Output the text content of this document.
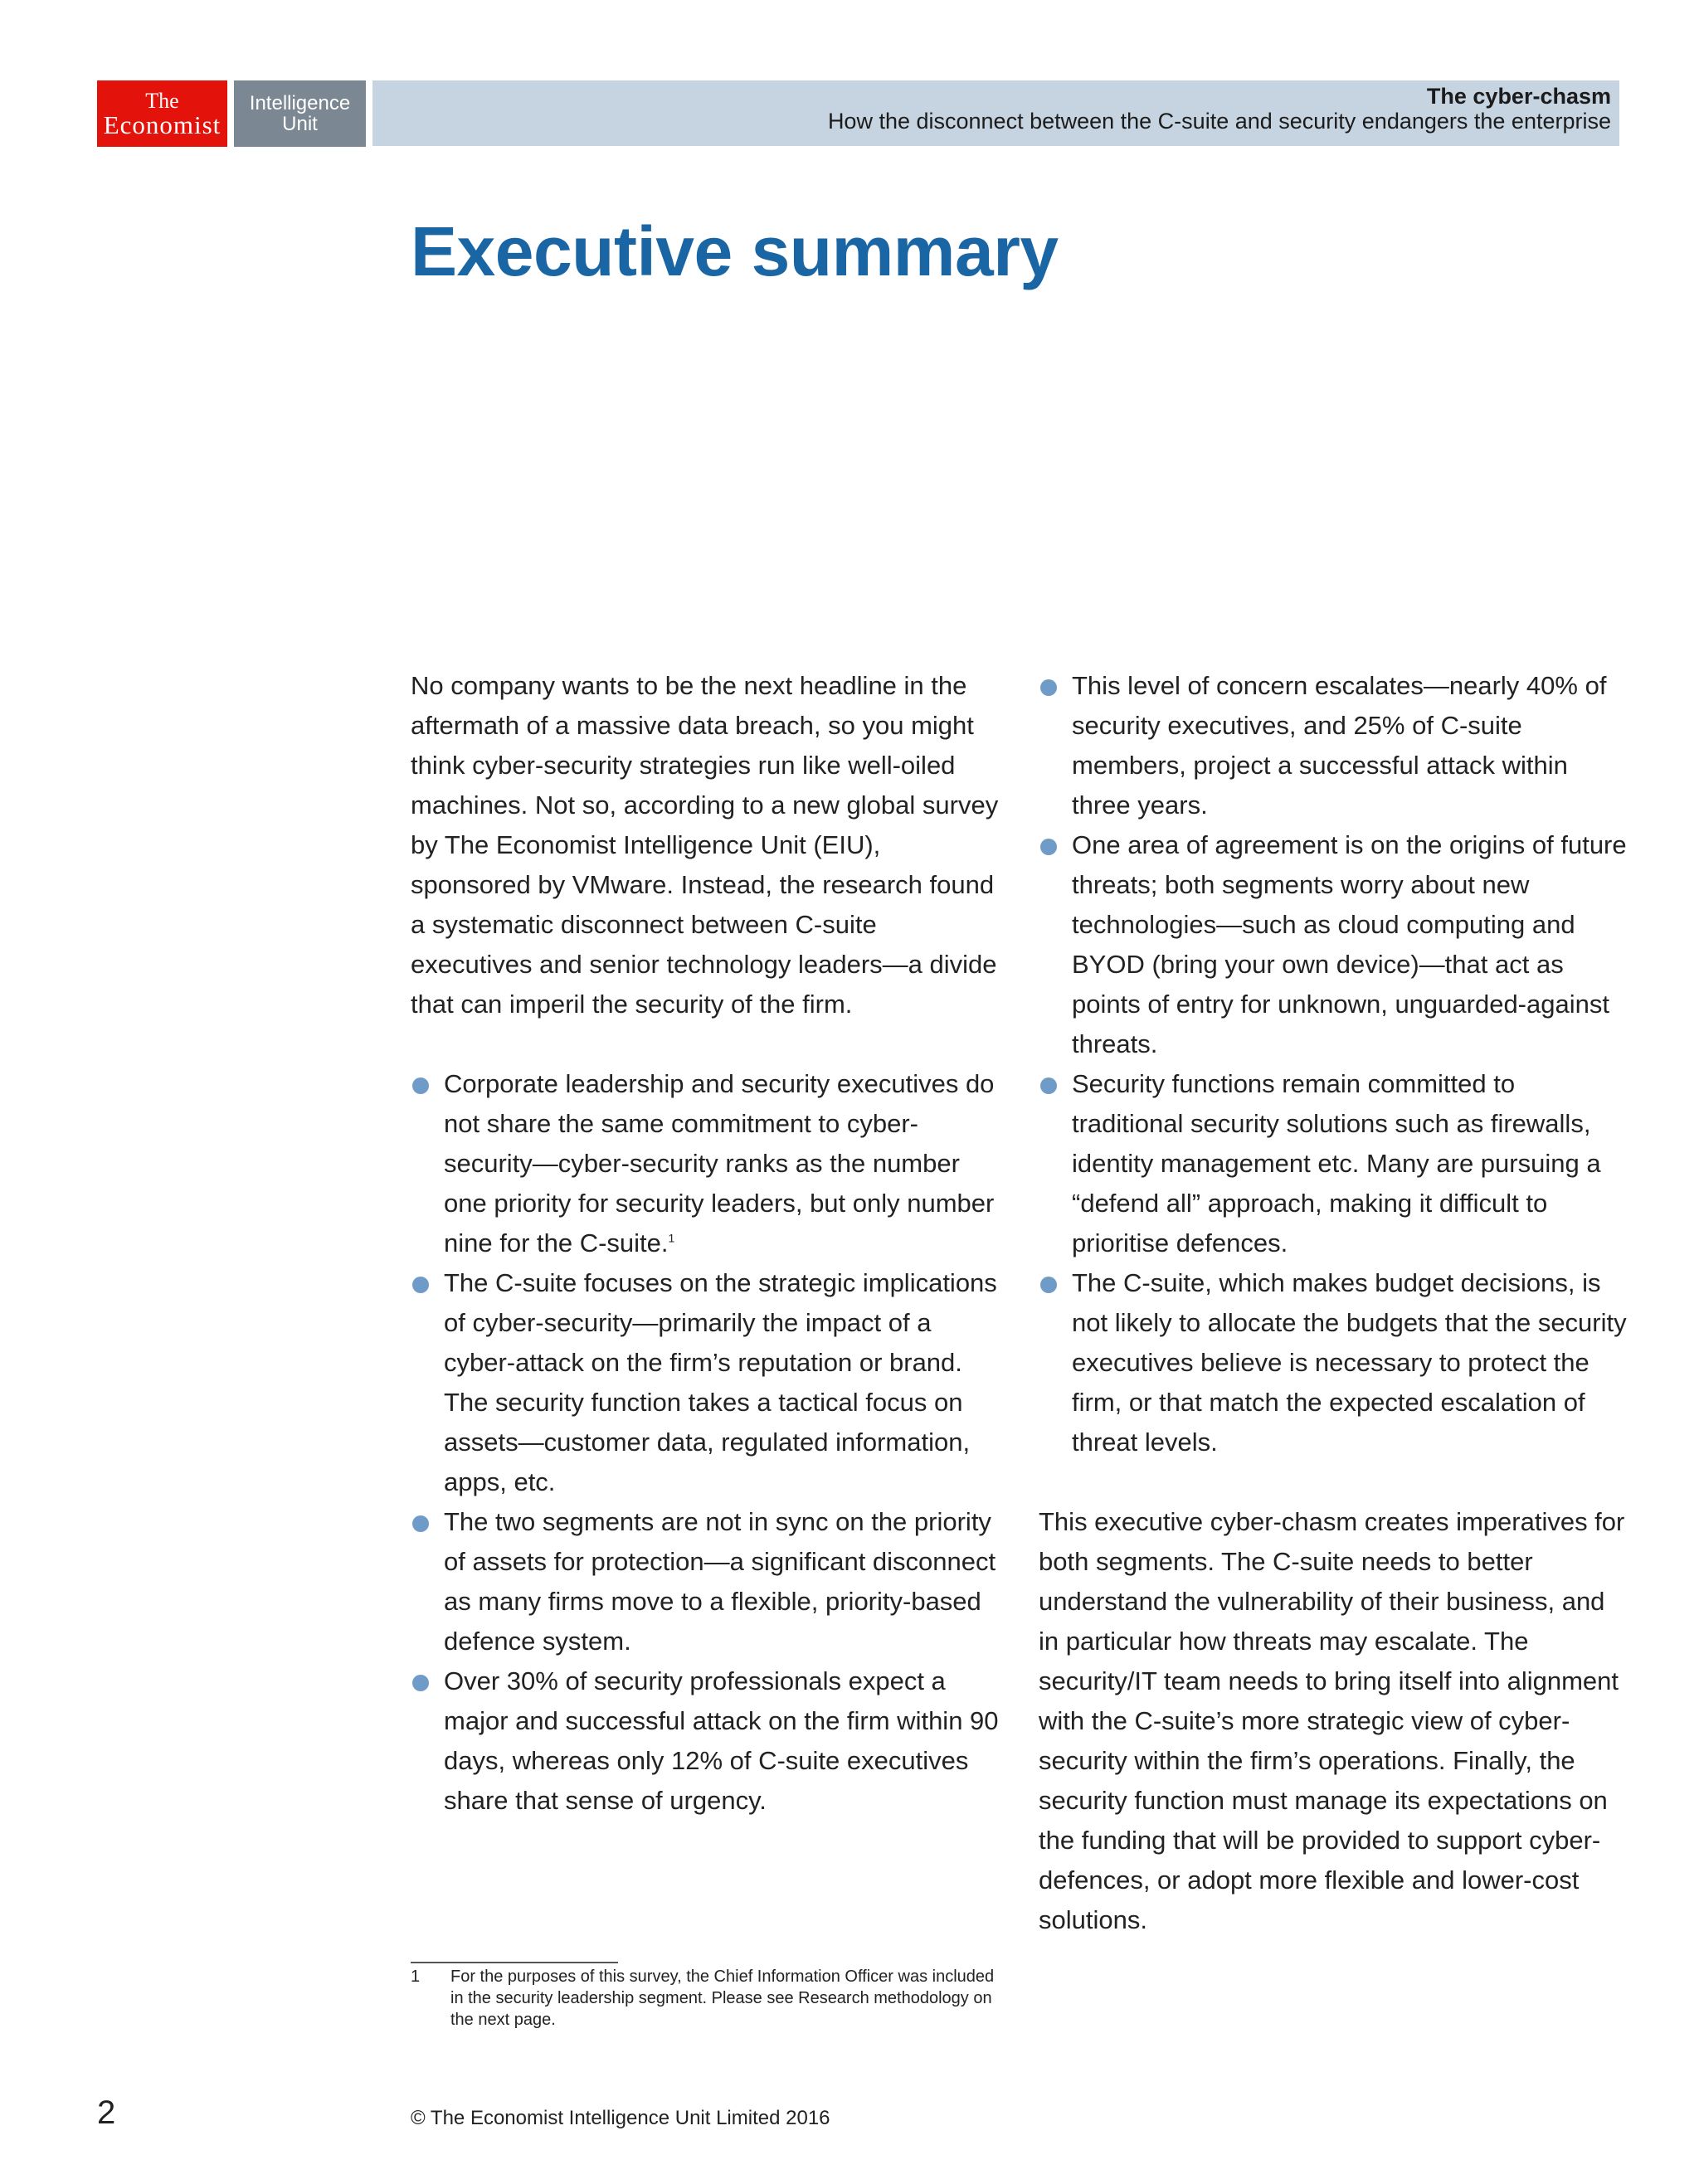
The
Economist
Intelligence
Unit
The cyber-chasm
How the disconnect between the C-suite and security endangers the enterprise
Executive summary

No company wants to be the next headline in the aftermath of a massive data breach, so you might think cyber-security strategies run like well-oiled machines. Not so, according to a new global survey by The Economist Intelligence Unit (EIU), sponsored by VMware. Instead, the research found a systematic disconnect between C-suite executives and senior technology leaders—a divide that can imperil the security of the firm.

Corporate leadership and security executives do not share the same commitment to cyber-security—cyber-security ranks as the number one priority for security leaders, but only number nine for the C-suite.$^1$
The C-suite focuses on the strategic implications of cyber-security—primarily the impact of a cyber-attack on the firm’s reputation or brand. The security function takes a tactical focus on assets—customer data, regulated information, apps, etc.
The two segments are not in sync on the priority of assets for protection—a significant disconnect as many firms move to a flexible, priority-based defence system.
Over 30% of security professionals expect a major and successful attack on the firm within 90 days, whereas only 12% of C-suite executives share that sense of urgency.
This level of concern escalates—nearly 40% of security executives, and 25% of C-suite members, project a successful attack within three years.
One area of agreement is on the origins of future threats; both segments worry about new technologies—such as cloud computing and BYOD (bring your own device)—that act as points of entry for unknown, unguarded-against threats.
Security functions remain committed to traditional security solutions such as firewalls, identity management etc. Many are pursuing a “defend all” approach, making it difficult to prioritise defences.
The C-suite, which makes budget decisions, is not likely to allocate the budgets that the security executives believe is necessary to protect the firm, or that match the expected escalation of threat levels.

This executive cyber-chasm creates imperatives for both segments. The C-suite needs to better understand the vulnerability of their business, and in particular how threats may escalate. The security/IT team needs to bring itself into alignment with the C-suite’s more strategic view of cyber-security within the firm’s operations. Finally, the security function must manage its expectations on the funding that will be provided to support cyber-defences, or adopt more flexible and lower-cost solutions.

1 For the purposes of this survey, the Chief Information Officer was included in the security leadership segment. Please see Research methodology on the next page.
2	© The Economist Intelligence Unit Limited 2016
